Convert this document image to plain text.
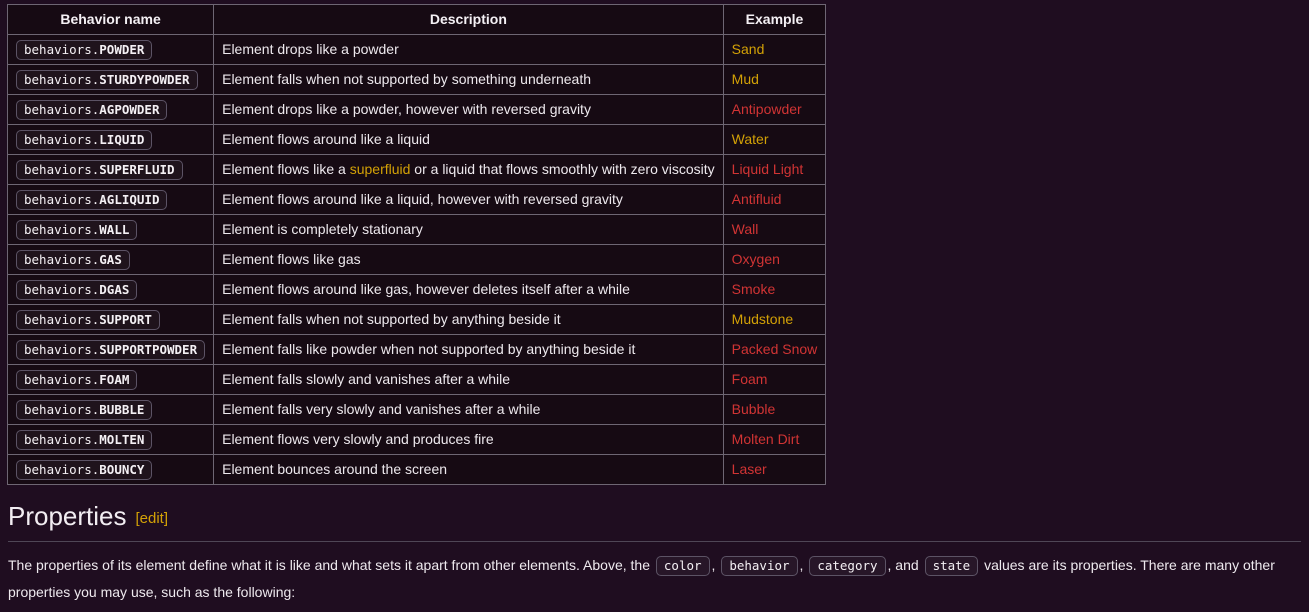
Behavior name	Description	Example
behaviors.POWDER	Element drops like a powder	Sand
behaviors.STURDYPOWDER	Element falls when not supported by something underneath	Mud
behaviors.AGPOWDER	Element drops like a powder, however with reversed gravity	Antipowder
behaviors.LIQUID	Element flows around like a liquid	Water
behaviors.SUPERFLUID	Element flows like a superfluid or a liquid that flows smoothly with zero viscosity	Liquid Light
behaviors.AGLIQUID	Element flows around like a liquid, however with reversed gravity	Antifluid
behaviors.WALL	Element is completely stationary	Wall
behaviors.GAS	Element flows like gas	Oxygen
behaviors.DGAS	Element flows around like gas, however deletes itself after a while	Smoke
behaviors.SUPPORT	Element falls when not supported by anything beside it	Mudstone
behaviors.SUPPORTPOWDER	Element falls like powder when not supported by anything beside it	Packed Snow
behaviors.FOAM	Element falls slowly and vanishes after a while	Foam
behaviors.BUBBLE	Element falls very slowly and vanishes after a while	Bubble
behaviors.MOLTEN	Element flows very slowly and produces fire	Molten Dirt
behaviors.BOUNCY	Element bounces around the screen	Laser
Properties [edit]

The properties of its element define what it is like and what sets it apart from other elements. Above, the color , behavior , category , and state values are its properties. There are many other properties you may use, such as the following:
